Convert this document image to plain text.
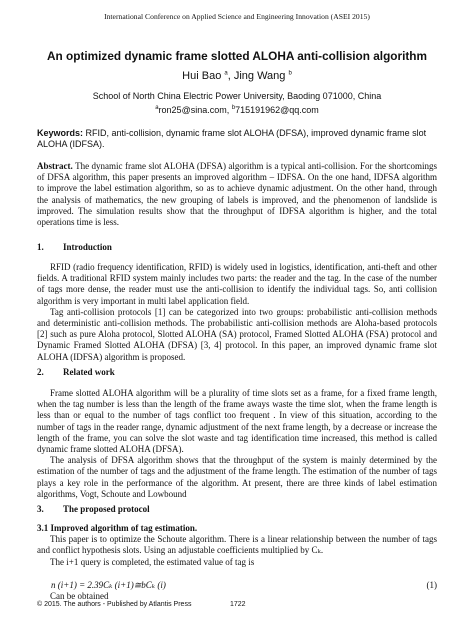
International Conference on Applied Science and Engineering Innovation (ASEI 2015)
An optimized dynamic frame slotted ALOHA anti-collision algorithm
Hui Bao $^a$, Jing Wang $^b$
School of North China Electric Power University, Baoding 071000, China
$^a$ron25@sina.com, $^b$715191962@qq.com
Keywords: RFID, anti-collision, dynamic frame slot ALOHA (DFSA), improved dynamic frame slot ALOHA (IDFSA).
Abstract. The dynamic frame slot ALOHA (DFSA) algorithm is a typical anti-collision. For the shortcomings of DFSA algorithm, this paper presents an improved algorithm – IDFSA. On the one hand, IDFSA algorithm to improve the label estimation algorithm, so as to achieve dynamic adjustment. On the other hand, through the analysis of mathematics, the new grouping of labels is improved, and the phenomenon of landslide is improved. The simulation results show that the throughput of IDFSA algorithm is higher, and the total operations time is less.
1. Introduction

RFID (radio frequency identification, RFID) is widely used in logistics, identification, anti-theft and other fields. A traditional RFID system mainly includes two parts: the reader and the tag. In the case of the number of tags more dense, the reader must use the anti-collision to identify the individual tags. So, anti collision algorithm is very important in multi label application field.

Tag anti-collision protocols [1] can be categorized into two groups: probabilistic anti-collision methods and deterministic anti-collision methods. The probabilistic anti-collision methods are Aloha-based protocols [2] such as pure Aloha protocol, Slotted ALOHA (SA) protocol, Framed Slotted ALOHA (FSA) protocol and Dynamic Framed Slotted ALOHA (DFSA) [3, 4] protocol. In this paper, an improved dynamic frame slot ALOHA (IDFSA) algorithm is proposed.

2. Related work

Frame slotted ALOHA algorithm will be a plurality of time slots set as a frame, for a fixed frame length, when the tag number is less than the length of the frame aways waste the time slot, when the frame length is less than or equal to the number of tags conflict too frequent . In view of this situation, according to the number of tags in the reader range, dynamic adjustment of the next frame length, by a decrease or increase the length of the frame, you can solve the slot waste and tag identification time increased, this method is called dynamic frame slotted ALOHA (DFSA).

The analysis of DFSA algorithm shows that the throughput of the system is mainly determined by the estimation of the number of tags and the adjustment of the frame length. The estimation of the number of tags plays a key role in the performance of the algorithm. At present, there are three kinds of label estimation algorithms, Vogt, Schoute and Lowbound

3. The proposed protocol

3.1 Improved algorithm of tag estimation.

This paper is to optimize the Schoute algorithm. There is a linear relationship between the number of tags and conflict hypothesis slots. Using an adjustable coefficients multiplied by Cₖ.

The i+1 query is completed, the estimated value of tag is

n (i+1) = 2.39Cₖ (i+1)≅bCₖ (i)	(1)
Can be obtained
© 2015. The authors - Published by Atlantis Press	1722
